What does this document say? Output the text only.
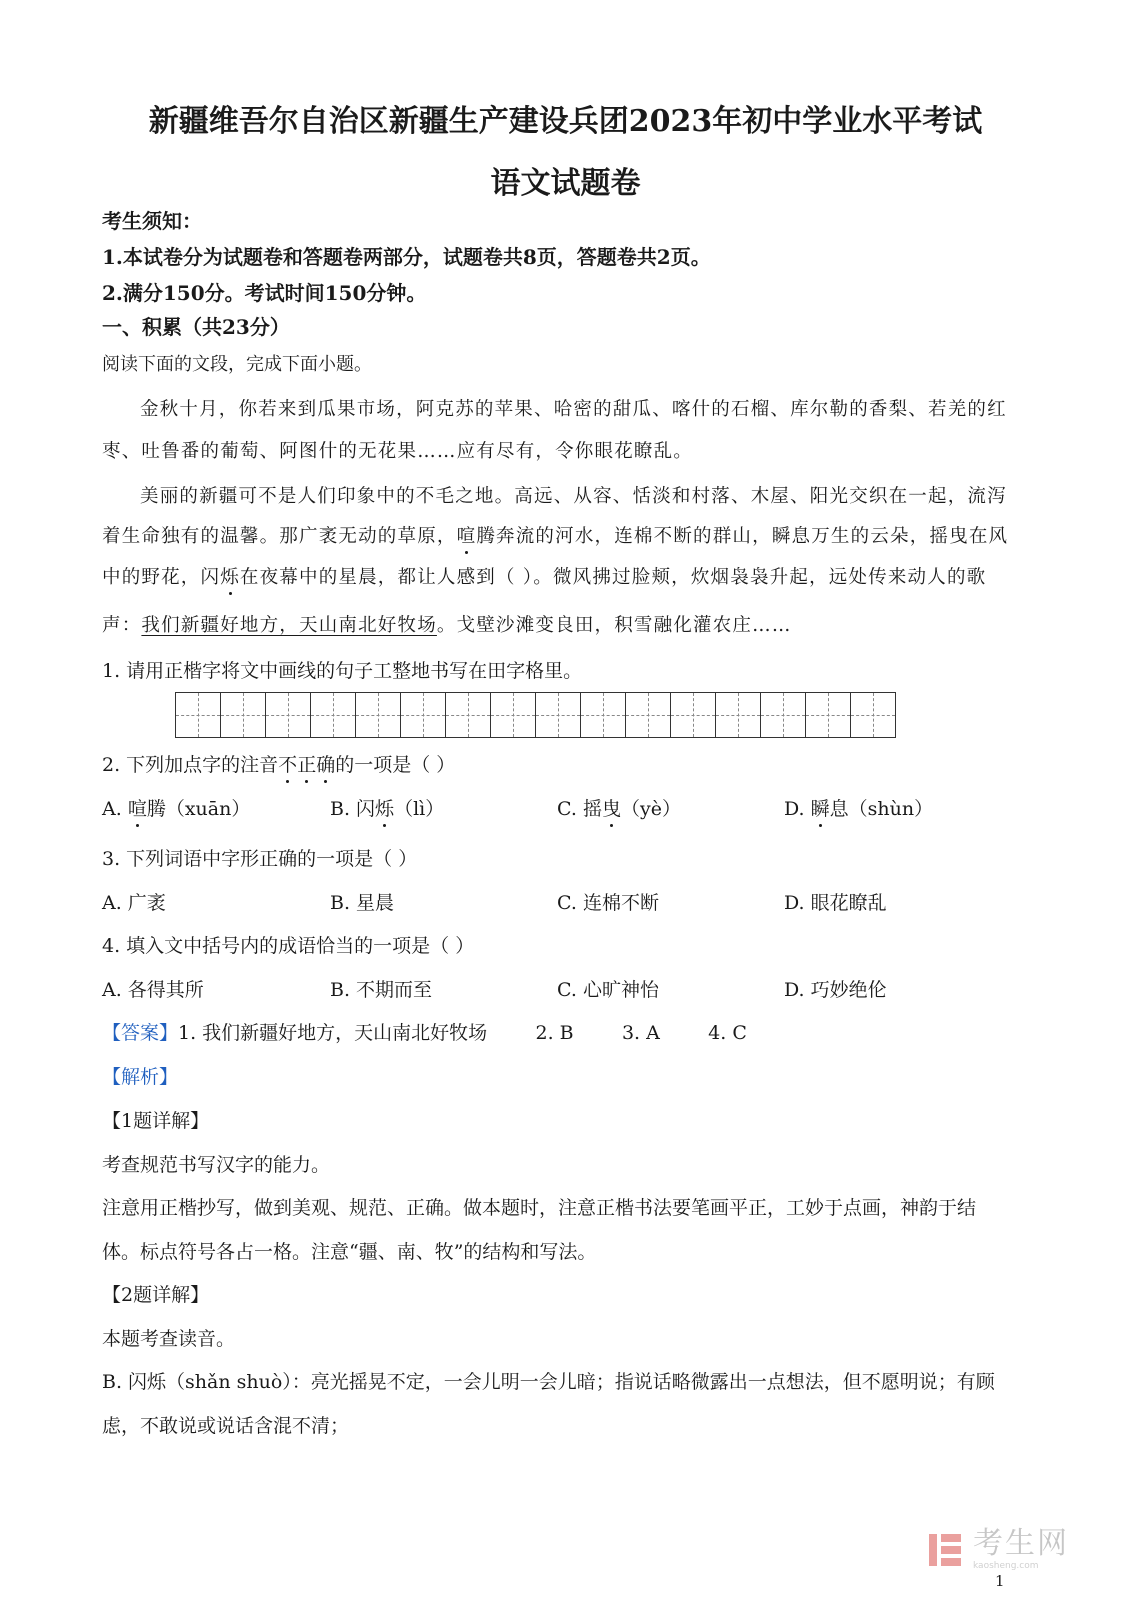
新疆维吾尔自治区新疆生产建设兵团2023年初中学业水平考试
语文试题卷
考生须知：
1.本试卷分为试题卷和答题卷两部分，试题卷共8页，答题卷共2页。
2.满分150分。考试时间150分钟。
一、积累（共23分）
阅读下面的文段，完成下面小题。
金秋十月，你若来到瓜果市场，阿克苏的苹果、哈密的甜瓜、喀什的石榴、库尔勒的香梨、若羌的红
枣、吐鲁番的葡萄、阿图什的无花果……应有尽有，令你眼花瞭乱。
美丽的新疆可不是人们印象中的不毛之地。高远、从容、恬淡和村落、木屋、阳光交织在一起，流泻
着生命独有的温馨。那广袤无动的草原，喧腾奔流的河水，连棉不断的群山，瞬息万生的云朵，摇曳在风
中的野花，闪烁在夜幕中的星晨，都让人感到（ ）。微风拂过脸颊，炊烟袅袅升起，远处传来动人的歌
声：我们新疆好地方，天山南北好牧场。戈壁沙滩变良田，积雪融化灌农庄……
1. 请用正楷字将文中画线的句子工整地书写在田字格里。
2. 下列加点字的注音不正确的一项是（ ）
A. 喧腾（xuān）	B. 闪烁（lì）	C. 摇曳（yè）	D. 瞬息（shùn）
3. 下列词语中字形正确的一项是（ ）
A. 广袤	B. 星晨	C. 连棉不断	D. 眼花瞭乱
4. 填入文中括号内的成语恰当的一项是（ ）
A. 各得其所	B. 不期而至	C. 心旷神怡	D. 巧妙绝伦
【答案】1. 我们新疆好地方，天山南北好牧场        2. B        3. A        4. C
【解析】
【1题详解】
考查规范书写汉字的能力。
注意用正楷抄写，做到美观、规范、正确。做本题时，注意正楷书法要笔画平正，工妙于点画，神韵于结
体。标点符号各占一格。注意“疆、南、牧”的结构和写法。
【2题详解】
本题考查读音。
B. 闪烁（shǎn shuò）：亮光摇晃不定，一会儿明一会儿暗；指说话略微露出一点想法，但不愿明说；有顾
虑，不敢说或说话含混不清；
考生网
kaosheng.com
1
